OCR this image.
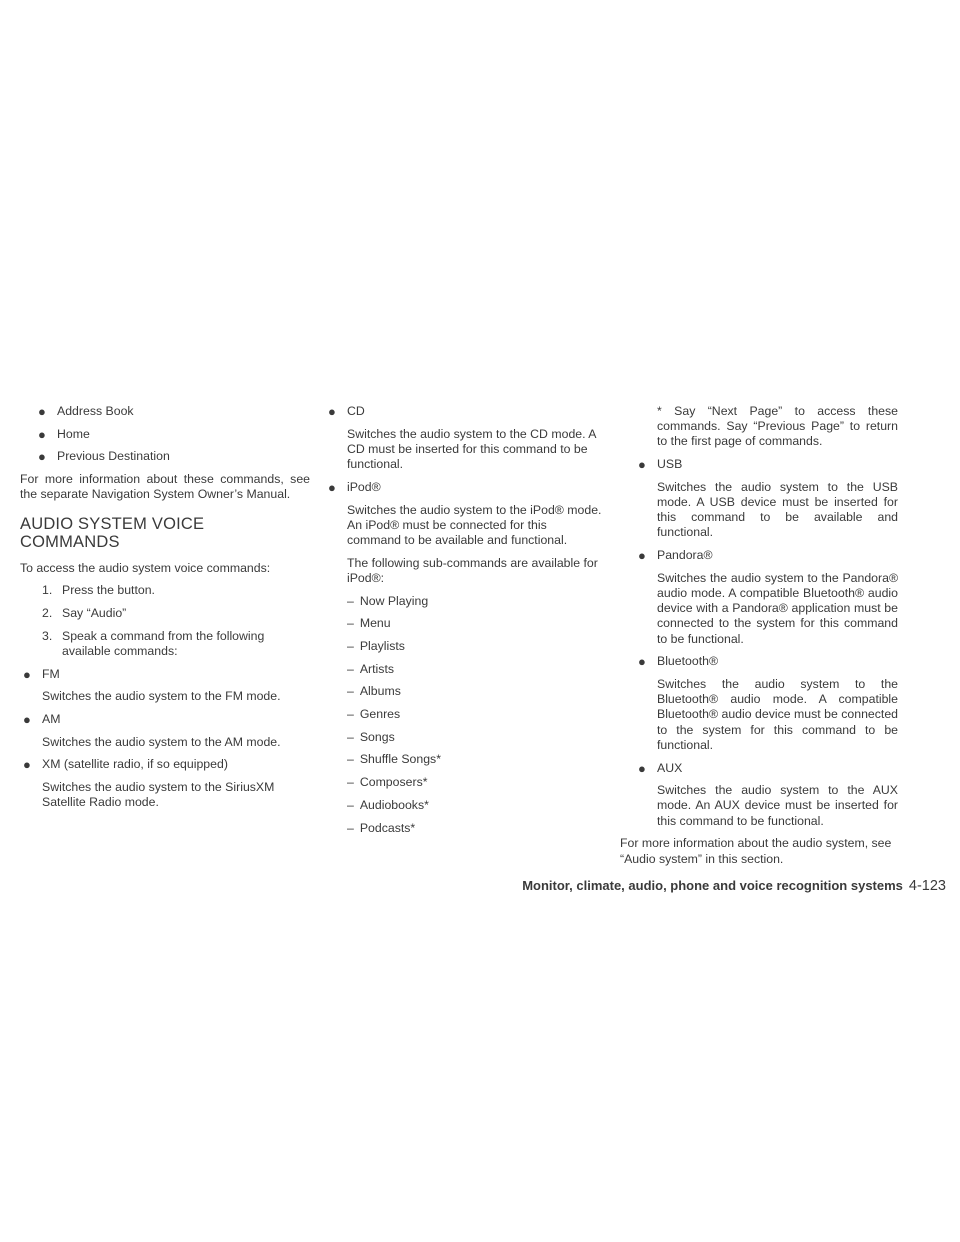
● Address Book
● Home
● Previous Destination

For more information about these commands, see the separate Navigation System Owner’s Manual.

AUDIO SYSTEM VOICE
COMMANDS

To access the audio system voice commands:

1. Press the button.
2. Say “Audio”
3. Speak a command from the following available commands:
● FM

Switches the audio system to the FM mode.

● AM

Switches the audio system to the AM mode.

● XM (satellite radio, if so equipped)

Switches the audio system to the SiriusXM Satellite Radio mode.

● CD

Switches the audio system to the CD mode. A CD must be inserted for this command to be functional.

● iPod®

Switches the audio system to the iPod® mode. An iPod® must be connected for this command to be available and functional.

The following sub-commands are available for iPod®:

– Now Playing
– Menu
– Playlists
– Artists
– Albums
– Genres
– Songs
– Shuffle Songs*
– Composers*
– Audiobooks*
– Podcasts*

* Say “Next Page” to access these commands. Say “Previous Page” to return to the first page of commands.

● USB

Switches the audio system to the USB mode. A USB device must be inserted for this command to be available and functional.

● Pandora®

Switches the audio system to the Pandora® audio mode. A compatible Bluetooth® audio device with a Pandora® application must be connected to the system for this command to be functional.

● Bluetooth®

Switches the audio system to the Bluetooth® audio mode. A compatible Bluetooth® audio device must be connected to the system for this command to be functional.

● AUX

Switches the audio system to the AUX mode. An AUX device must be inserted for this command to be functional.

For more information about the audio system, see “Audio system” in this section.

Monitor, climate, audio, phone and voice recognition systems 4-123
